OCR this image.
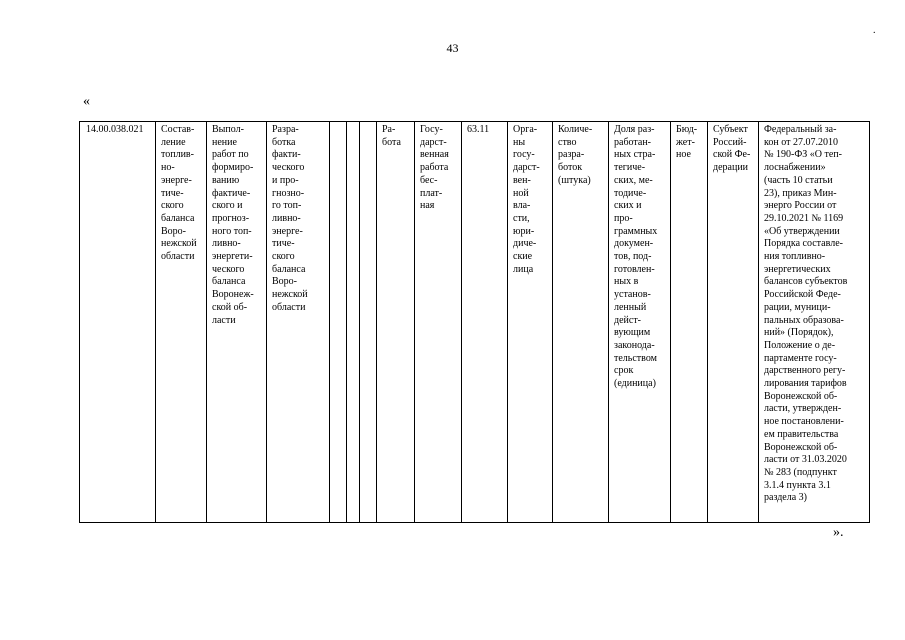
43
.
«
14.00.038.021	Состав-
ление
топлив-
но-
энерге-
тиче-
ского
баланса
Воро-
нежской
области	Выпол-
нение
работ по
формиро-
ванию
фактиче-
ского и
прогноз-
ного топ-
ливно-
энергети-
ческого
баланса
Воронеж-
ской об-
ласти	Разра-
ботка
факти-
ческого
и про-
гнозно-
го топ-
ливно-
энерге-
тиче-
ского
баланса
Воро-
нежской
области				Ра-
бота	Госу-
дарст-
венная
работа
бес-
плат-
ная	63.11	Орга-
ны
госу-
дарст-
вен-
ной
вла-
сти,
юри-
диче-
ские
лица	Количе-
ство
разра-
боток
(штука)	Доля раз-
работан-
ных стра-
тегиче-
ских, ме-
тодиче-
ских и
про-
граммных
докумен-
тов, под-
готовлен-
ных в
установ-
ленный
дейст-
вующим
законода-
тельством
срок
(единица)	Бюд-
жет-
ное	Субъект
Россий-
ской Фе-
дерации	Федеральный за-
кон от 27.07.2010
№ 190-ФЗ «О теп-
лоснабжении»
(часть 10 статьи
23), приказ Мин-
энерго России от
29.10.2021 № 1169
«Об утверждении
Порядка составле-
ния топливно-
энергетических
балансов субъектов
Российской Феде-
рации, муници-
пальных образова-
ний» (Порядок),
Положение о де-
партаменте госу-
дарственного регу-
лирования тарифов
Воронежской об-
ласти, утвержден-
ное постановлени-
ем правительства
Воронежской об-
ласти от 31.03.2020
№ 283 (подпункт
3.1.4 пункта 3.1
раздела 3)
».
